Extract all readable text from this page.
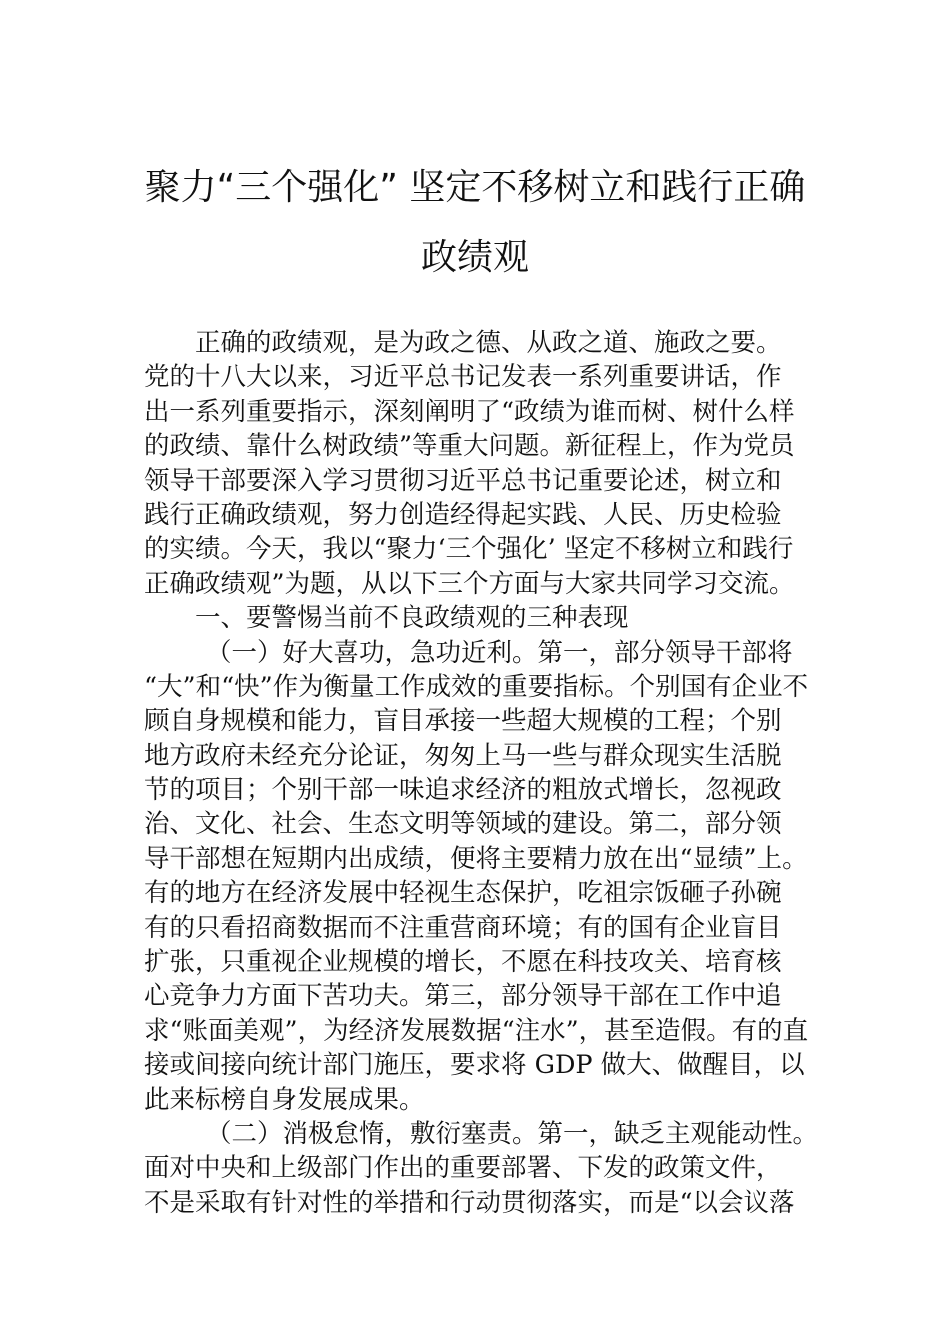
聚力“三个强化” 坚定不移树立和践行正确
政绩观
正确的政绩观，是为政之德、从政之道、施政之要。
党的十八大以来，习近平总书记发表一系列重要讲话，作
出一系列重要指示，深刻阐明了“政绩为谁而树、树什么样
的政绩、靠什么树政绩”等重大问题。新征程上，作为党员
领导干部要深入学习贯彻习近平总书记重要论述，树立和
践行正确政绩观，努力创造经得起实践、人民、历史检验
的实绩。今天，我以“聚力‘三个强化’ 坚定不移树立和践行
正确政绩观”为题，从以下三个方面与大家共同学习交流。
一、要警惕当前不良政绩观的三种表现
（一）好大喜功，急功近利。第一，部分领导干部将
“大”和“快”作为衡量工作成效的重要指标。个别国有企业不
顾自身规模和能力，盲目承接一些超大规模的工程；个别
地方政府未经充分论证，匆匆上马一些与群众现实生活脱
节的项目；个别干部一味追求经济的粗放式增长，忽视政
治、文化、社会、生态文明等领域的建设。第二，部分领
导干部想在短期内出成绩，便将主要精力放在出“显绩”上。
有的地方在经济发展中轻视生态保护，吃祖宗饭砸子孙碗
有的只看招商数据而不注重营商环境；有的国有企业盲目
扩张，只重视企业规模的增长，不愿在科技攻关、培育核
心竞争力方面下苦功夫。第三，部分领导干部在工作中追
求“账面美观”，为经济发展数据“注水”，甚至造假。有的直
接或间接向统计部门施压，要求将 GDP 做大、做醒目，以
此来标榜自身发展成果。
（二）消极怠惰，敷衍塞责。第一，缺乏主观能动性。
面对中央和上级部门作出的重要部署、下发的政策文件，
不是采取有针对性的举措和行动贯彻落实，而是“以会议落
